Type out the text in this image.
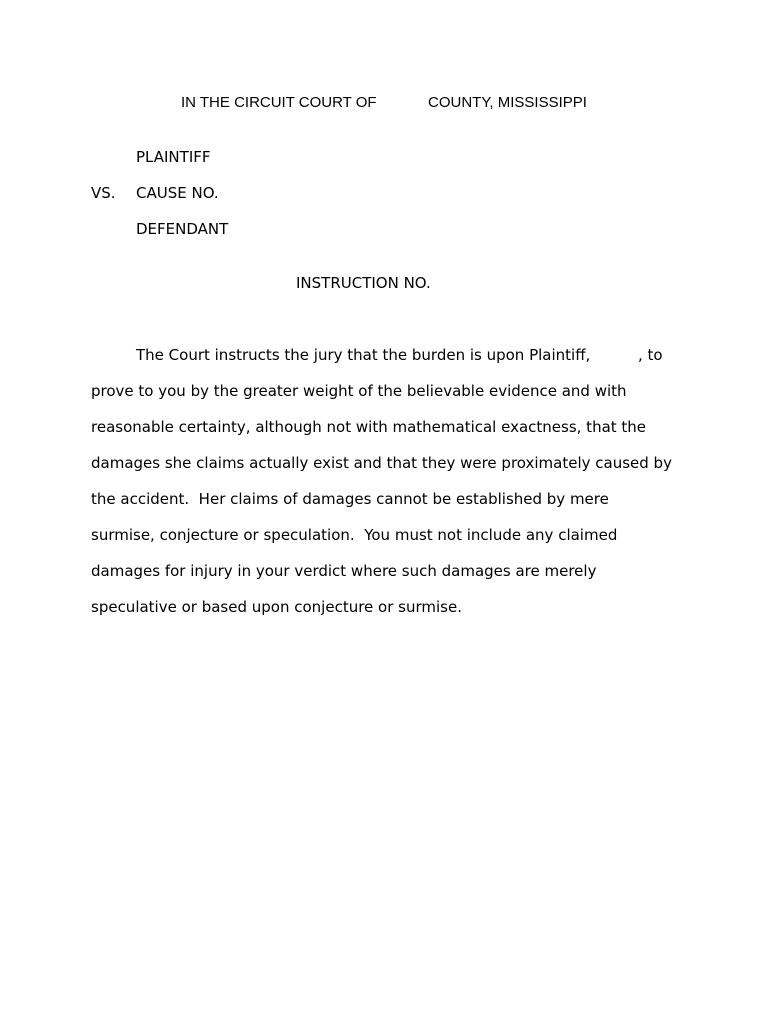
IN THE CIRCUIT COURT OF	COUNTY, MISSISSIPPI
PLAINTIFF
VS. CAUSE NO.
DEFENDANT
INSTRUCTION NO.
The Court instructs the jury that the burden is upon Plaintiff,          , to
prove to you by the greater weight of the believable evidence and with
reasonable certainty, although not with mathematical exactness, that the
damages she claims actually exist and that they were proximately caused by
the accident.  Her claims of damages cannot be established by mere
surmise, conjecture or speculation.  You must not include any claimed
damages for injury in your verdict where such damages are merely
speculative or based upon conjecture or surmise.
